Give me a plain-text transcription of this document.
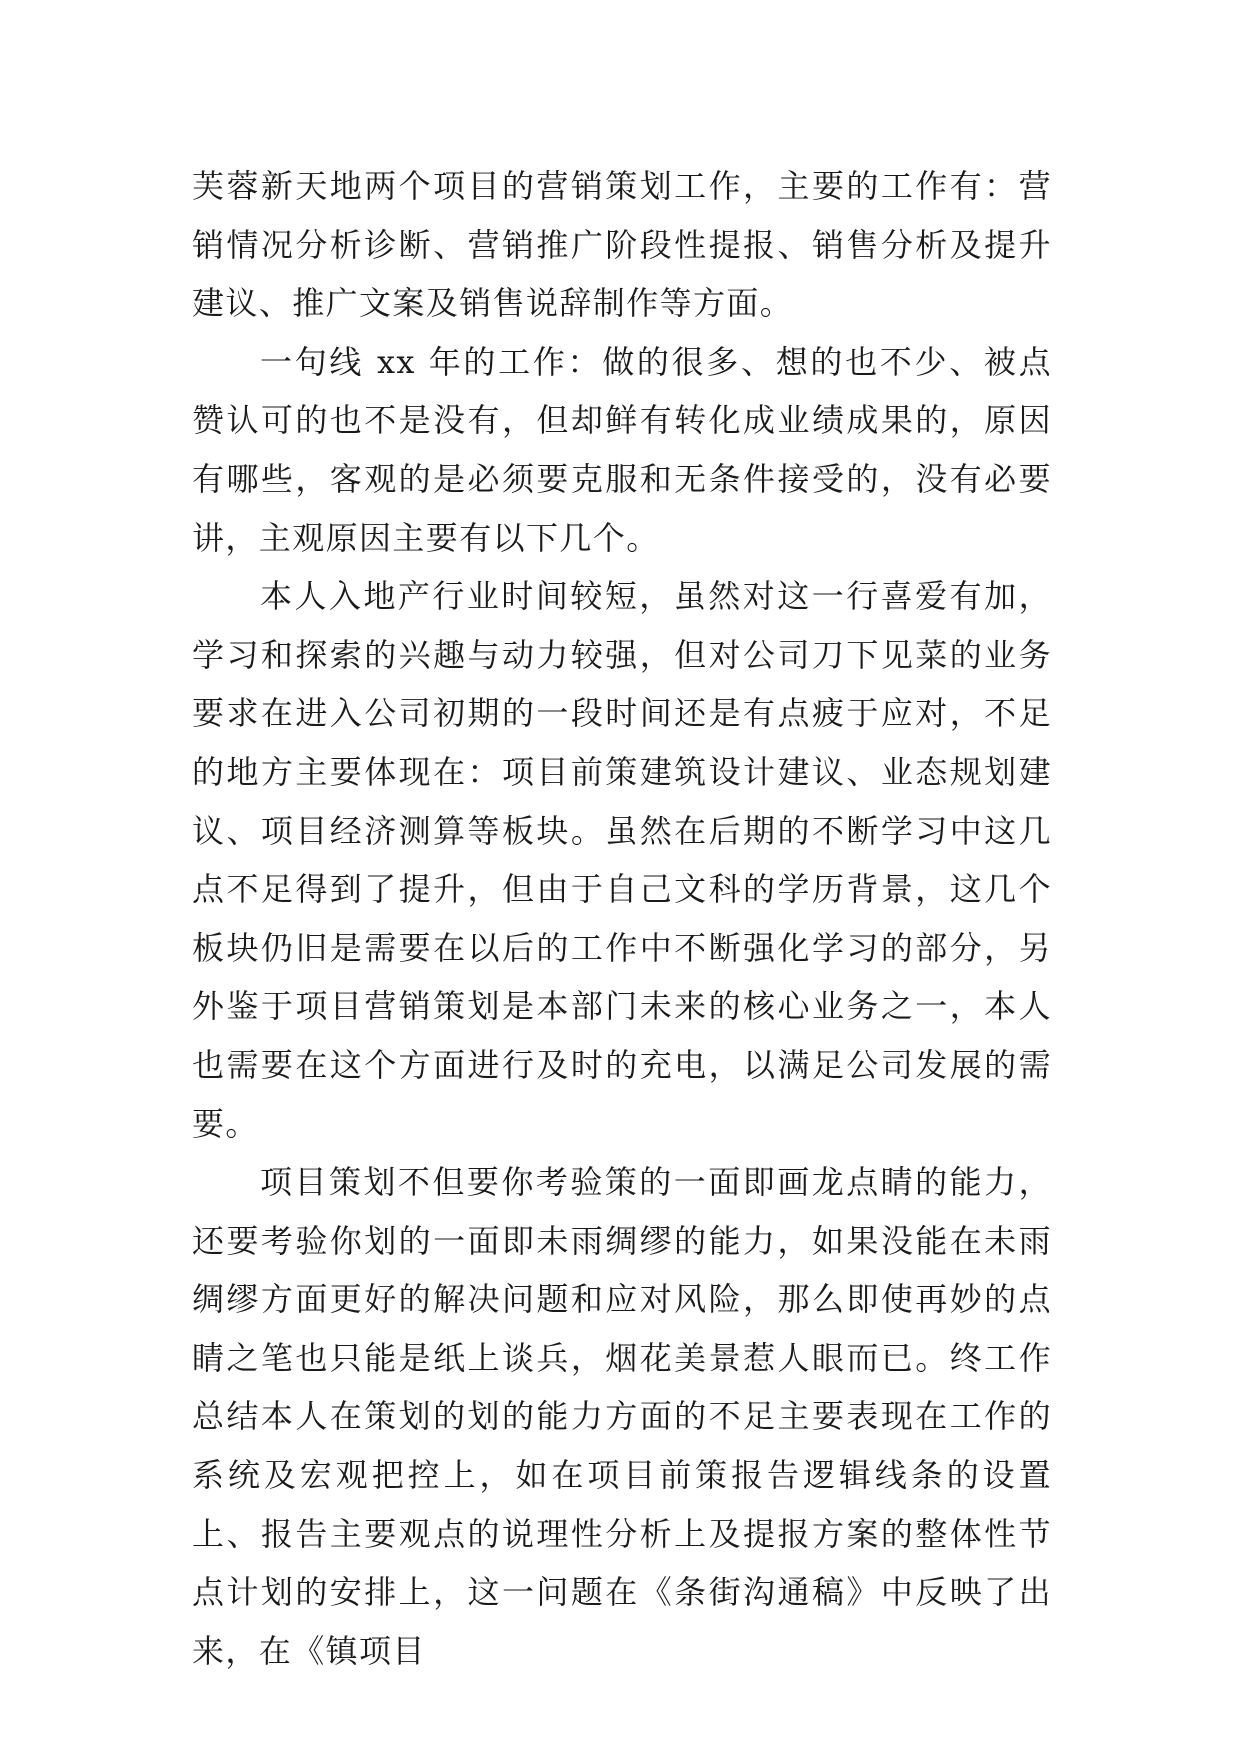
芙蓉新天地两个项目的营销策划工作，主要的工作有：营销情况分析诊断、营销推广阶段性提报、销售分析及提升建议、推广文案及销售说辞制作等方面。

一句线 xx 年的工作：做的很多、想的也不少、被点赞认可的也不是没有，但却鲜有转化成业绩成果的，原因有哪些，客观的是必须要克服和无条件接受的，没有必要讲，主观原因主要有以下几个。

本人入地产行业时间较短，虽然对这一行喜爱有加，学习和探索的兴趣与动力较强，但对公司刀下见菜的业务要求在进入公司初期的一段时间还是有点疲于应对，不足的地方主要体现在：项目前策建筑设计建议、业态规划建议、项目经济测算等板块。虽然在后期的不断学习中这几点不足得到了提升，但由于自己文科的学历背景，这几个板块仍旧是需要在以后的工作中不断强化学习的部分，另外鉴于项目营销策划是本部门未来的核心业务之一，本人也需要在这个方面进行及时的充电，以满足公司发展的需要。

项目策划不但要你考验策的一面即画龙点睛的能力，还要考验你划的一面即未雨绸缪的能力，如果没能在未雨绸缪方面更好的解决问题和应对风险，那么即使再妙的点睛之笔也只能是纸上谈兵，烟花美景惹人眼而已。终工作总结本人在策划的划的能力方面的不足主要表现在工作的系统及宏观把控上，如在项目前策报告逻辑线条的设置上、报告主要观点的说理性分析上及提报方案的整体性节点计划的安排上，这一问题在《条街沟通稿》中反映了出来，在《镇项目
